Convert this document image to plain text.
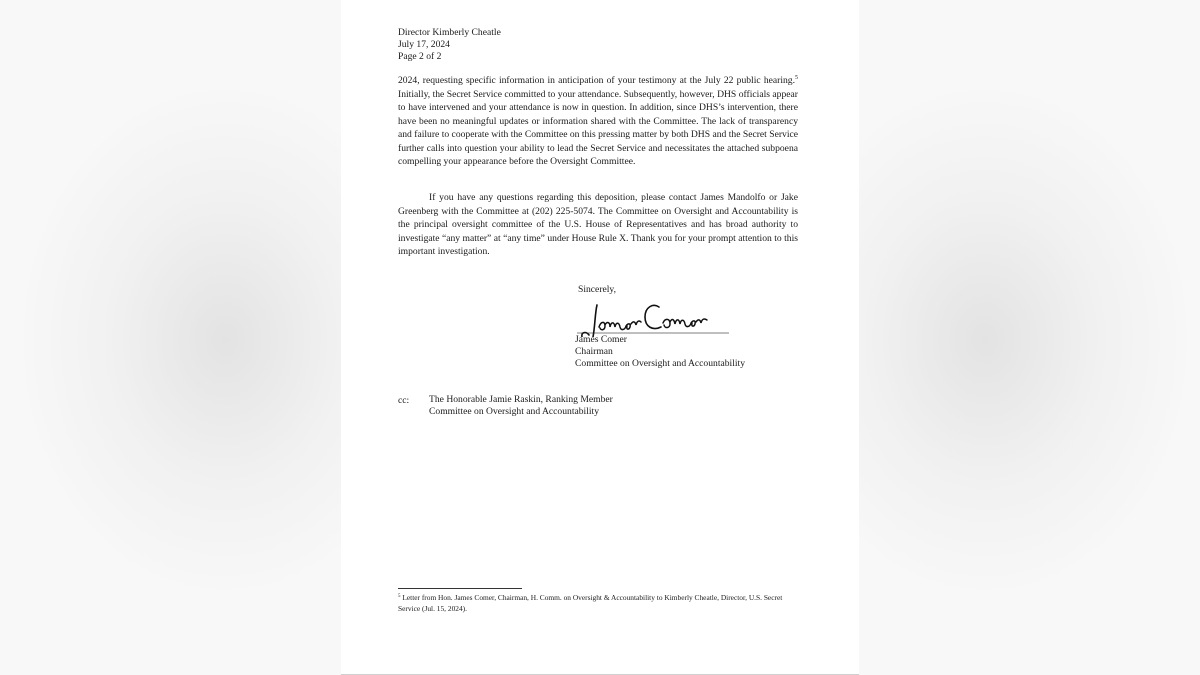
Director Kimberly Cheatle
July 17, 2024
Page 2 of 2

2024, requesting specific information in anticipation of your testimony at the July 22 public hearing.$^5$ Initially, the Secret Service committed to your attendance. Subsequently, however, DHS officials appear to have intervened and your attendance is now in question. In addition, since DHS’s intervention, there have been no meaningful updates or information shared with the Committee. The lack of transparency and failure to cooperate with the Committee on this pressing matter by both DHS and the Secret Service further calls into question your ability to lead the Secret Service and necessitates the attached subpoena compelling your appearance before the Oversight Committee.

If you have any questions regarding this deposition, please contact James Mandolfo or Jake Greenberg with the Committee at (202) 225-5074. The Committee on Oversight and Accountability is the principal oversight committee of the U.S. House of Representatives and has broad authority to investigate “any matter” at “any time” under House Rule X. Thank you for your prompt attention to this important investigation.

Sincerely,
James Comer
Chairman
Committee on Oversight and Accountability
cc: The Honorable Jamie Raskin, Ranking Member
Committee on Oversight and Accountability

$^5$ Letter from Hon. James Comer, Chairman, H. Comm. on Oversight & Accountability to Kimberly Cheatle, Director, U.S. Secret Service (Jul. 15, 2024).
